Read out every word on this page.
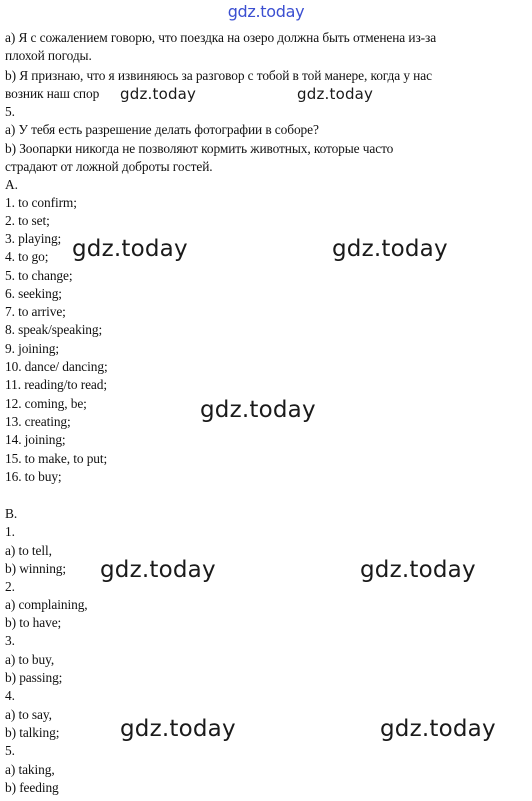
gdz.today
a) Я с сожалением говорю, что поездка на озеро должна быть отменена из-за
плохой погоды.
b) Я признаю, что я извиняюсь за разговор с тобой в той манере, когда у нас
возник наш спор
5.
a) У тебя есть разрешение делать фотографии в соборе?
b) Зоопарки никогда не позволяют кормить животных, которые часто
страдают от ложной доброты гостей.
A.
1. to confirm;
2. to set;
3. playing;
4. to go;
5. to change;
6. seeking;
7. to arrive;
8. speak/speaking;
9. joining;
10. dance/ dancing;
11. reading/to read;
12. coming, be;
13. creating;
14. joining;
15. to make, to put;
16. to buy;
B.
1.
a) to tell,
b) winning;
2.
a) complaining,
b) to have;
3.
a) to buy,
b) passing;
4.
a) to say,
b) talking;
5.
a) taking,
b) feeding
gdz.today	gdz.today
gdz.today	gdz.today
gdz.today
gdz.today	gdz.today
gdz.today	gdz.today
